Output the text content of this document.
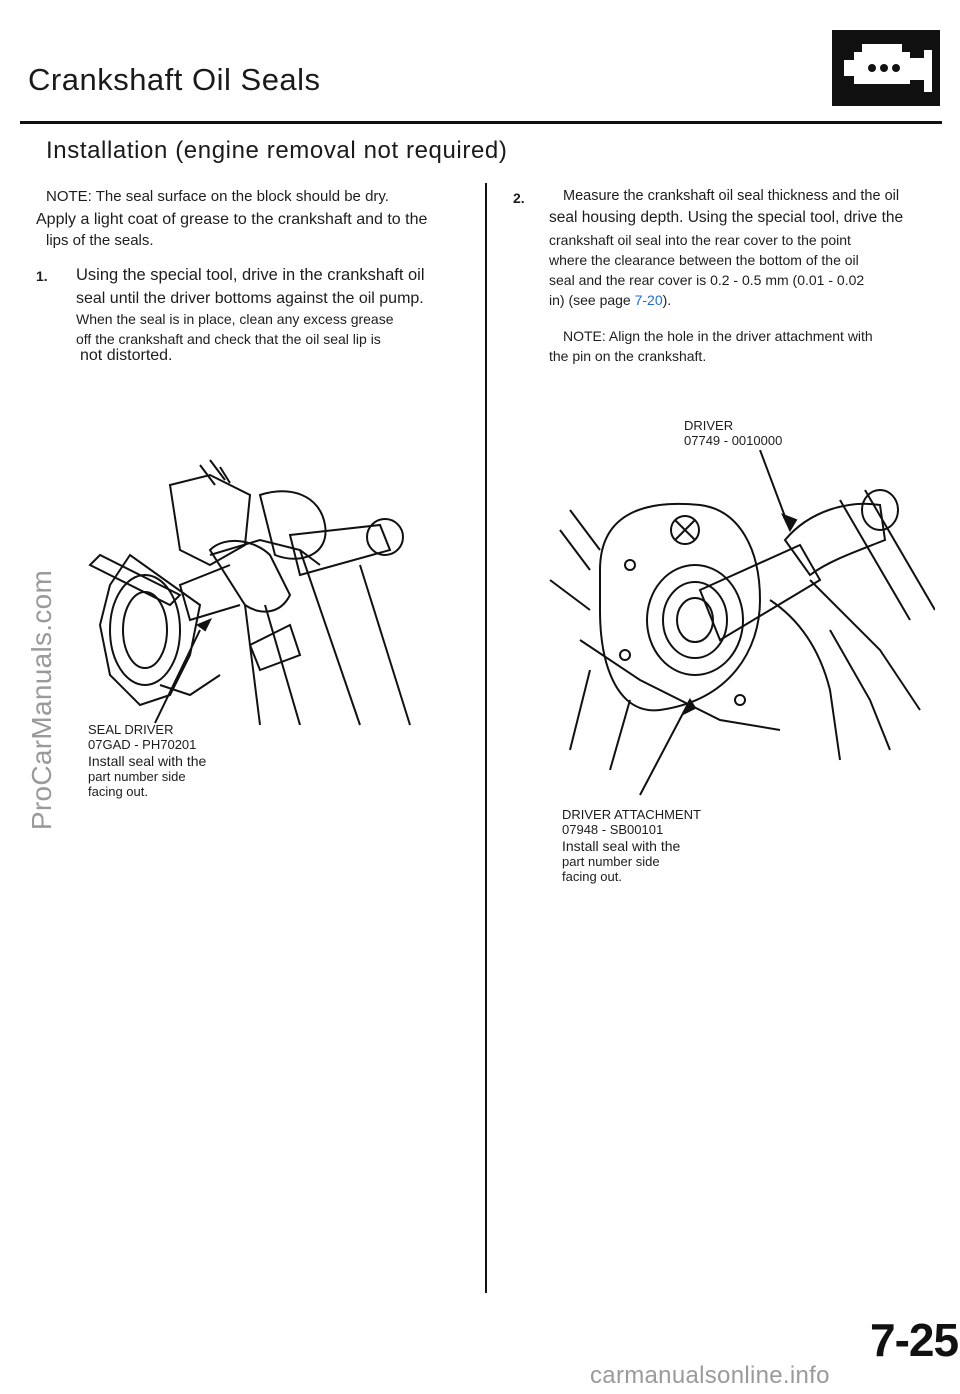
Crankshaft Oil Seals
Installation (engine removal not required)
NOTE: The seal surface on the block should be dry.
Apply a light coat of grease to the crankshaft and to the
lips of the seals.
1. Using the special tool, drive in the crankshaft oil
seal until the driver bottoms against the oil pump.
When the seal is in place, clean any excess grease
off the crankshaft and check that the oil seal lip is
not distorted.
SEAL DRIVER
07GAD - PH70201
Install seal with the
part number side
facing out.
2.	Measure the crankshaft oil seal thickness and the oil
seal housing depth. Using the special tool, drive the
crankshaft oil seal into the rear cover to the point
where the clearance between the bottom of the oil
seal and the rear cover is 0.2 - 0.5 mm (0.01 - 0.02
in) (see page 7-20).
NOTE: Align the hole in the driver attachment with
the pin on the crankshaft.
DRIVER
07749 - 0010000
DRIVER ATTACHMENT
07948 - SB00101
Install seal with the
part number side
facing out.
ProCarManuals.com
7-25
carmanualsonline.info
